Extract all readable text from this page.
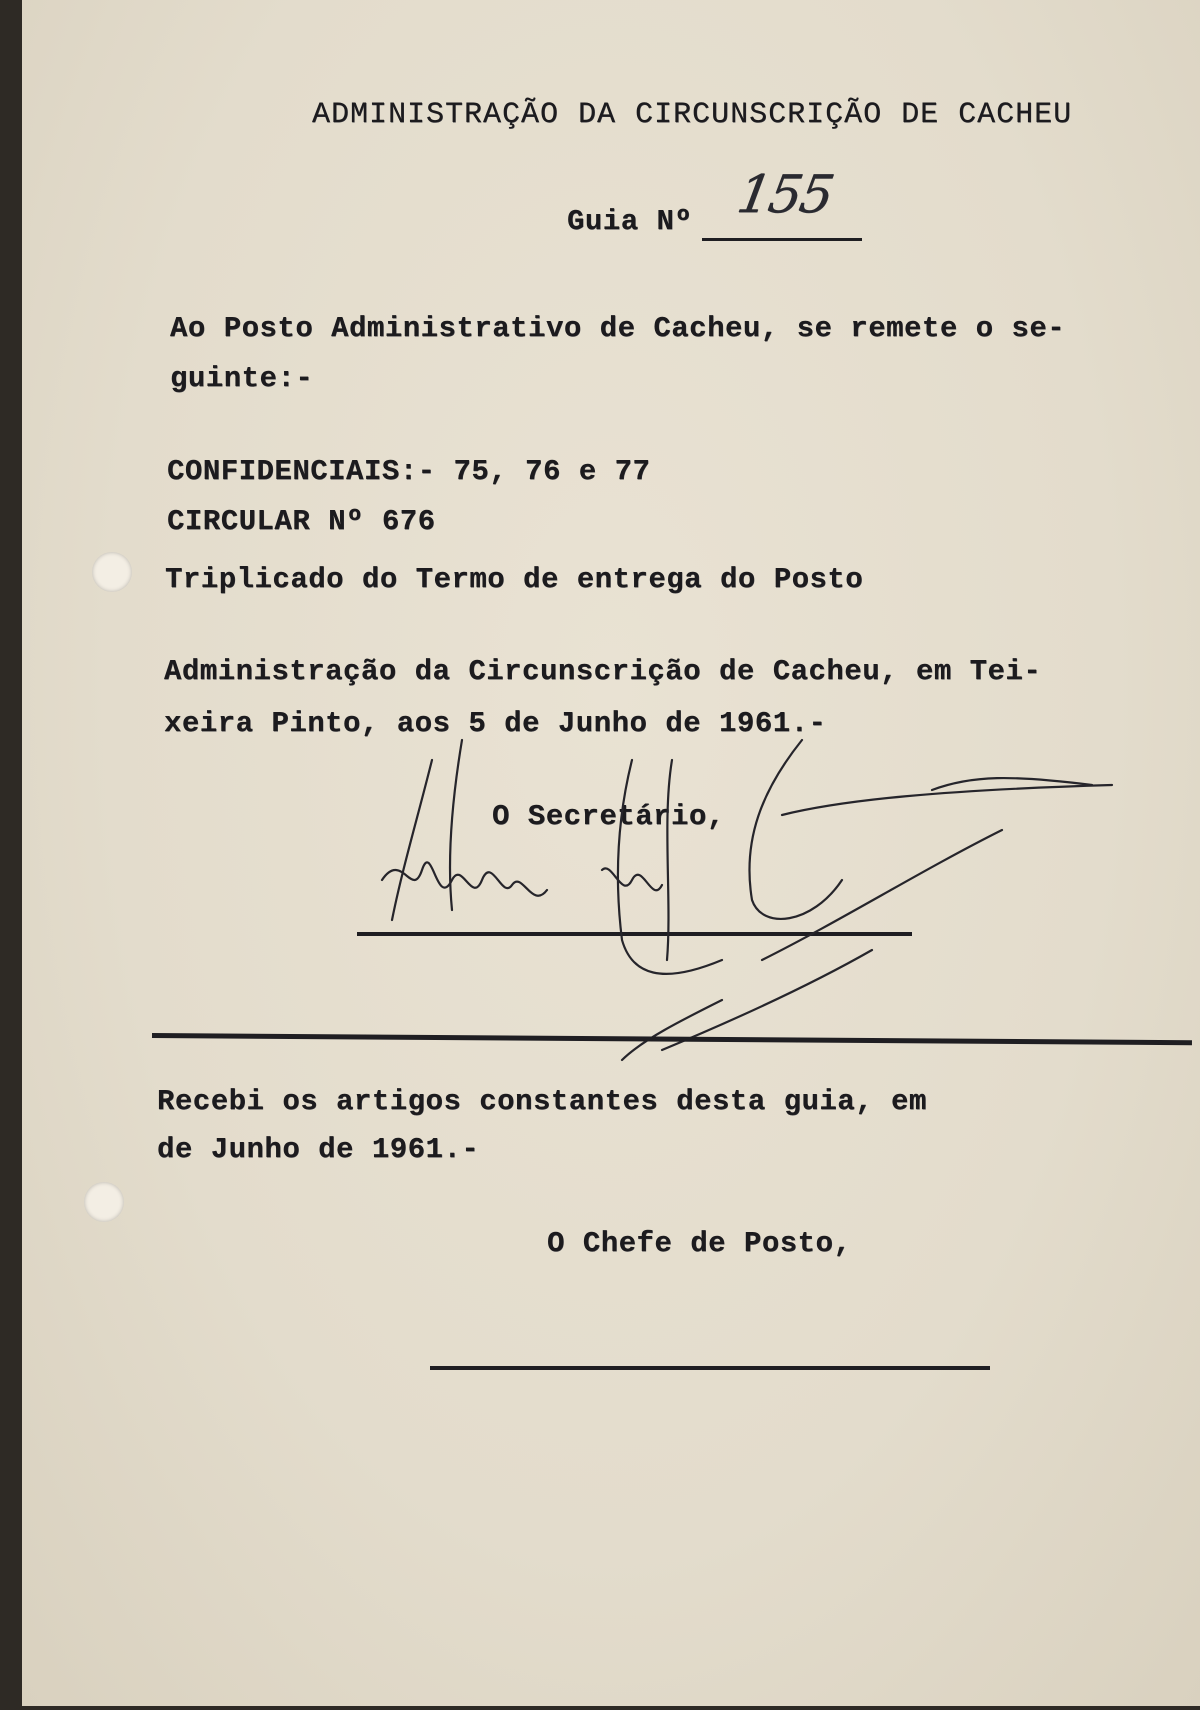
ADMINISTRAÇÃO DA CIRCUNSCRIÇÃO DE CACHEU
Guia Nº 155
Ao Posto Administrativo de Cacheu, se remete o se-
guinte:-
CONFIDENCIAIS:- 75, 76 e 77
CIRCULAR Nº 676
Triplicado do Termo de entrega do Posto
Administração da Circunscrição de Cacheu, em Tei-
xeira Pinto, aos 5 de Junho de 1961.-
O Secretário,
Recebi os artigos constantes desta guia, em
de Junho de 1961.-
O Chefe de Posto,
